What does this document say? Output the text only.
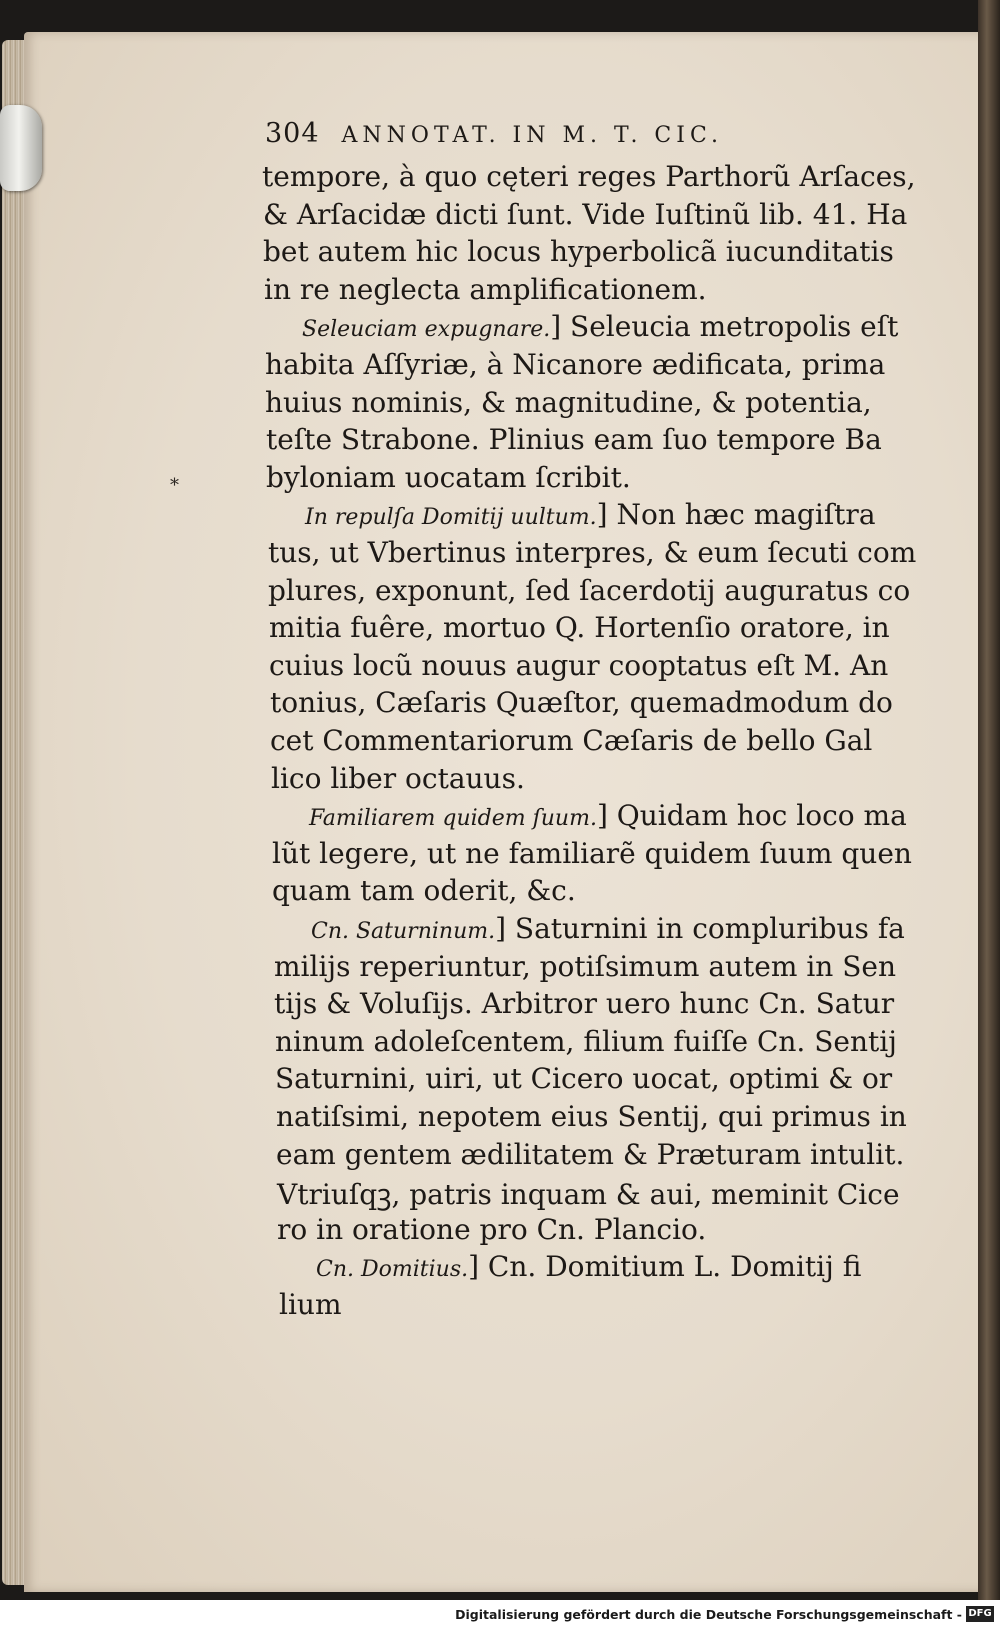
304 ANNOTAT. IN M. T. CIC.
*
tempore, à quo cęteri reges Parthorũ Arſaces,
& Arſacidæ dicti ſunt. Vide Iuſtinũ lib. 41. Ha
bet autem hic locus hyperbolicã iucunditatis
in re neglecta amplificationem.
Seleuciam expugnare.] Seleucia metropolis eſt
habita Aſſyriæ, à Nicanore ædificata, prima
huius nominis, & magnitudine, & potentia,
teſte Strabone. Plinius eam ſuo tempore Ba
byloniam uocatam ſcribit.
In repulſa Domitij uultum.] Non hæc magiſtra
tus, ut Vbertinus interpres, & eum ſecuti com
plures, exponunt, ſed ſacerdotij auguratus co
mitia fuêre, mortuo Q. Hortenſio oratore, in
cuius locũ nouus augur cooptatus eſt M. An
tonius, Cæſaris Quæſtor, quemadmodum do
cet Commentariorum Cæſaris de bello Gal
lico liber octauus.
Familiarem quidem ſuum.] Quidam hoc loco ma
lũt legere, ut ne familiarẽ quidem ſuum quen
quam tam oderit, &c.
Cn. Saturninum.] Saturnini in compluribus fa
milijs reperiuntur, potiſsimum autem in Sen
tijs & Voluſijs. Arbitror uero hunc Cn. Satur
ninum adoleſcentem, filium fuiſſe Cn. Sentij
Saturnini, uiri, ut Cicero uocat, optimi & or
natiſsimi, nepotem eius Sentij, qui primus in
eam gentem ædilitatem & Præturam intulit.
Vtriuſqꝫ, patris inquam & aui, meminit Cice
ro in oratione pro Cn. Plancio.
Cn. Domitius.] Cn. Domitium L. Domitij fi
lium
Digitalisierung gefördert durch die Deutsche Forschungsgemeinschaft - DFG
